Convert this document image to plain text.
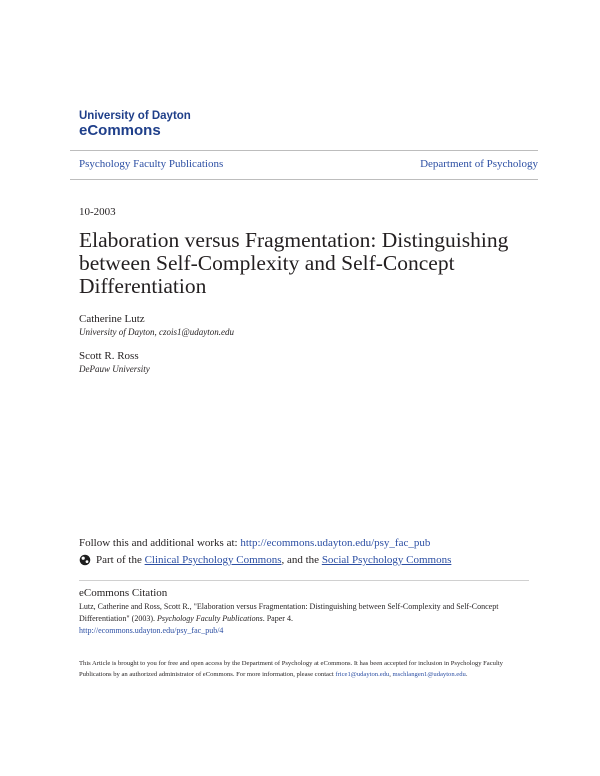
University of Dayton
eCommons
Psychology Faculty Publications	Department of Psychology
10-2003
Elaboration versus Fragmentation: Distinguishing between Self-Complexity and Self-Concept Differentiation
Catherine Lutz
University of Dayton, czois1@udayton.edu
Scott R. Ross
DePauw University
Follow this and additional works at: http://ecommons.udayton.edu/psy_fac_pub
Part of the
Clinical Psychology Commons , and the
Social Psychology Commons
eCommons Citation
Lutz, Catherine and Ross, Scott R., "Elaboration versus Fragmentation: Distinguishing between Self-Complexity and Self-Concept Differentiation" (2003). Psychology Faculty Publications. Paper 4.
http://ecommons.udayton.edu/psy_fac_pub/4
This Article is brought to you for free and open access by the Department of Psychology at eCommons. It has been accepted for inclusion in Psychology Faculty Publications by an authorized administrator of eCommons. For more information, please contact frice1@udayton.edu, mschlangen1@udayton.edu.
